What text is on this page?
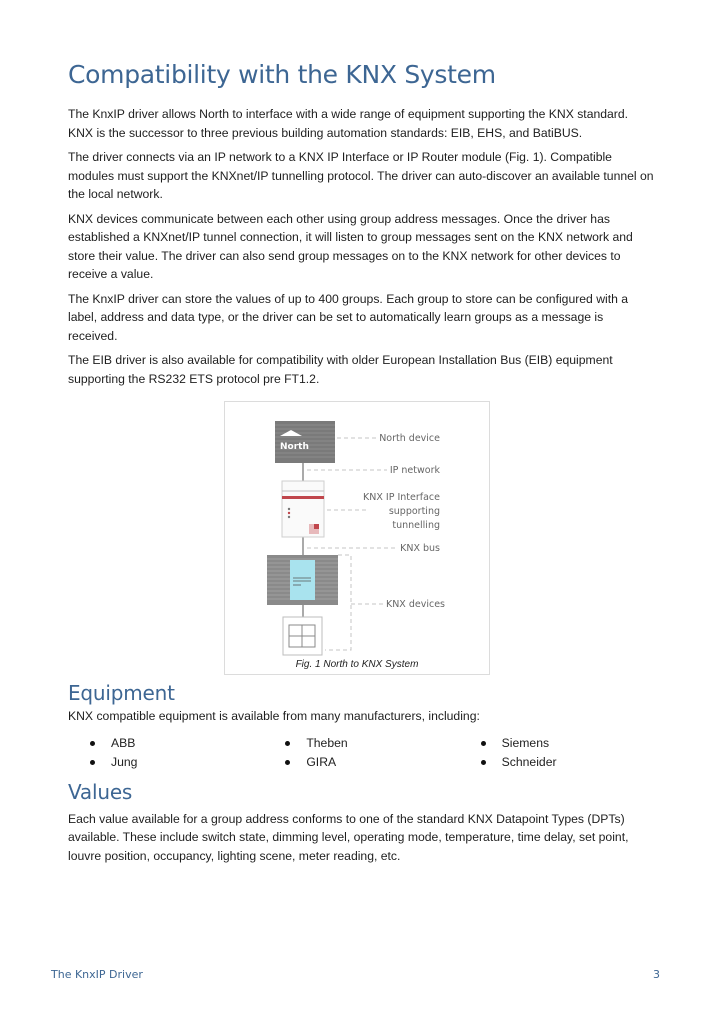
Compatibility with the KNX System

The KnxIP driver allows North to interface with a wide range of equipment supporting the KNX standard. KNX is the successor to three previous building automation standards: EIB, EHS, and BatiBUS.

The driver connects via an IP network to a KNX IP Interface or IP Router module (Fig. 1). Compatible modules must support the KNXnet/IP tunnelling protocol. The driver can auto-discover an available tunnel on the local network.

KNX devices communicate between each other using group address messages. Once the driver has established a KNXnet/IP tunnel connection, it will listen to group messages sent on the KNX network and store their value. The driver can also send group messages on to the KNX network for other devices to receive a value.

The KnxIP driver can store the values of up to 400 groups. Each group to store can be configured with a label, address and data type, or the driver can be set to automatically learn groups as a message is received.

The EIB driver is also available for compatibility with older European Installation Bus (EIB) equipment supporting the RS232 ETS protocol pre FT1.2.

North
North device
IP network
KNX IP Interface
supporting
tunnelling
KNX bus
KNX devices
Fig. 1 North to KNX System
Equipment

KNX compatible equipment is available from many manufacturers, including:

ABB
Jung
Theben
GIRA
Siemens
Schneider
Values

Each value available for a group address conforms to one of the standard KNX Datapoint Types (DPTs) available. These include switch state, dimming level, operating mode, temperature, time delay, set point, louvre position, occupancy, lighting scene, meter reading, etc.

The KnxIP Driver	3
